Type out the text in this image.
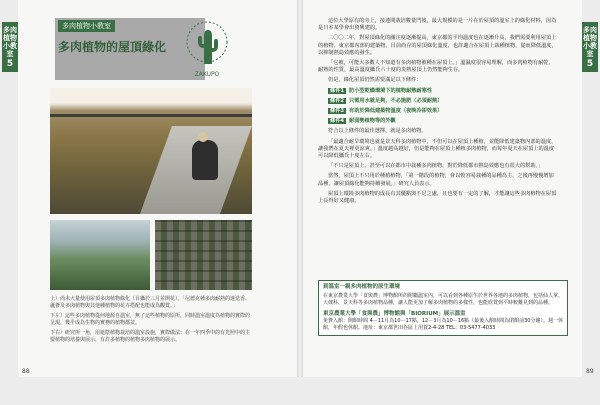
多肉植物小教室
5
多肉植物小教室
5
多肉植物小教室
多肉植物的屋頂綠化
ZAKUPO

上）尚未大量使用屋頂多肉植物綠化（目攝於三月並開花）。「尼德克種多肉耐熱的迷迭香、蘆薈及多肉植物與其他種植物的花卉搭配也能成為觀賞。」

下左）這些多肉植物從何地源自溫室，無了這些植物的原所，同時溫室溫度為植物的實際的呈現，幾乎成為生物的實務的植物都盆。

下右）研究所一角，用遮陰植物栽培的溫室設施，實際做法：在一年四季中的有光照中的主要植物的培養與展示，有許多植物的植物多肉植物的展示。

88	89

這位大學原有的旁上，接連間栽培數量門後，最大規模的是一片在於屋頂的溫室上的綠化材料，因為是日本某學會出資興建的。

二〇〇二年，對屋頂綠化的關注度逐漸提高，東京都的平均溫度也在逐漸升高，我們需要利用屋頂上的植物，東京都內部的建築物，目前尚存的屋頂綠化溫度，也許適合在屋頂上栽種植物，從而降低溫度，以抑制熱島效應的發生。

「它被，可能大多數人不知道有多肉植物被種在屋頂上。」溫濕度很容易理解，而多肉植物有耐乾、耐熱的性質，最高溫度攝氏六十度的炎熱屋頂上仍然能夠生存。

但是，綠化屋頂仍然需要滿足以下條件：

條件1 防小型乾燥環境下的植物耐熱耐寒性

條件2 只需用水就足夠，不必施肥（必須耐熱）

條件3 有助於降低建築物溫度（夜晚冷卻效果）

條件4 耐弱勢植物等的外觀

符合以上條件的最佳選擇，就是多肉植物。

「最適合耐旱環境也就是景天科多肉植物中，不但可以在屋頂上種植，並能降低建築物內部的溫度，讓我們在夏天裡更涼爽。」溫度越高越好，但是能夠在屋頂上種植多肉植物，而每年夏天在屋頂上的溫度可以降低攝氏十度左右。

「不只是屋頂上，甚至可以在都市中栽種多肉植物，對於降低都市熱島效應也有很大的幫助。」

當然，屋頂上不只用於種植植物，「第一階段的植物，會以較容易栽種的品種為主，之後再慢慢增加品種，讓屋頂綠化能夠持續發展。」研究人員表示。

屋頂上環境多肉植物的成長有其優點與不足之處，且也要有一定的了解，才能讓這些多肉植物在屋頂上長得好又健康。

到溫室一親多肉植物的原生環境
在東京農業大學「食與農」博物館所的附屬溫室內，可以看到各種原生於世界各地的多肉植物，包括仙人掌、大戟科、景天科等多肉植物品種，讓人能更加了解多肉植物的多樣性，也能欣賞到平時較難見到的品種。
東京農業大學「食與農」博物館與「BIORIUM」展示溫室
免費入館：開館時間 4－11月為10－17點，12－3月為10－16點（最後入館時間為閉館前30分鐘）。週一休館，年假也休館。地址：東京都世田谷區上用賀2-4-28 TEL：03-5477-4033
